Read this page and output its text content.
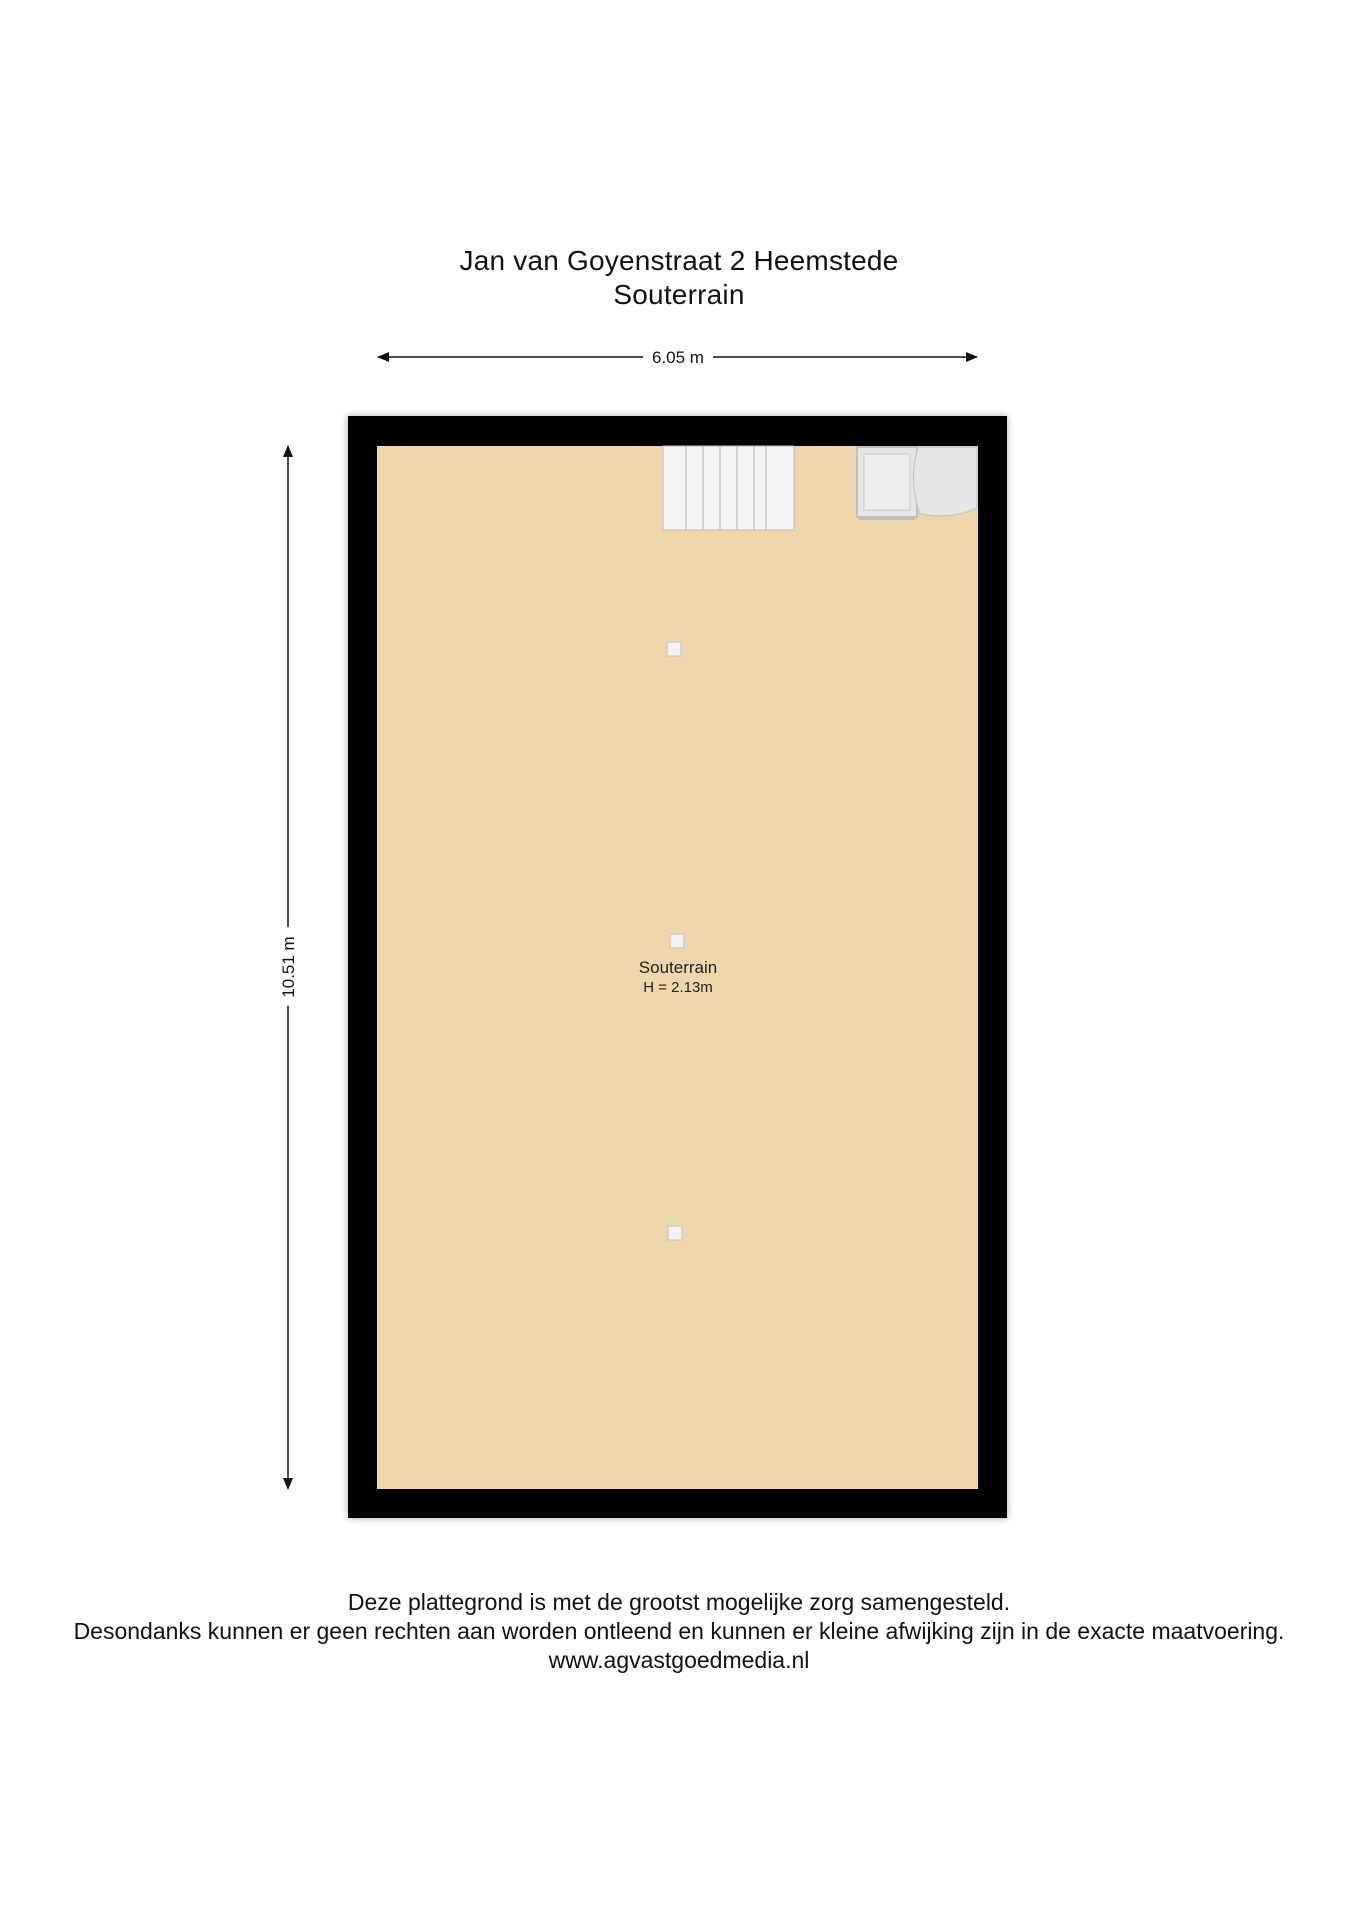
Jan van Goyenstraat 2 Heemstede
Souterrain
6.05 m
10.51 m	Souterrain
H = 2.13m
Deze plattegrond is met de grootst mogelijke zorg samengesteld.
Desondanks kunnen er geen rechten aan worden ontleend en kunnen er kleine afwijking zijn in de exacte maatvoering.
www.agvastgoedmedia.nl
